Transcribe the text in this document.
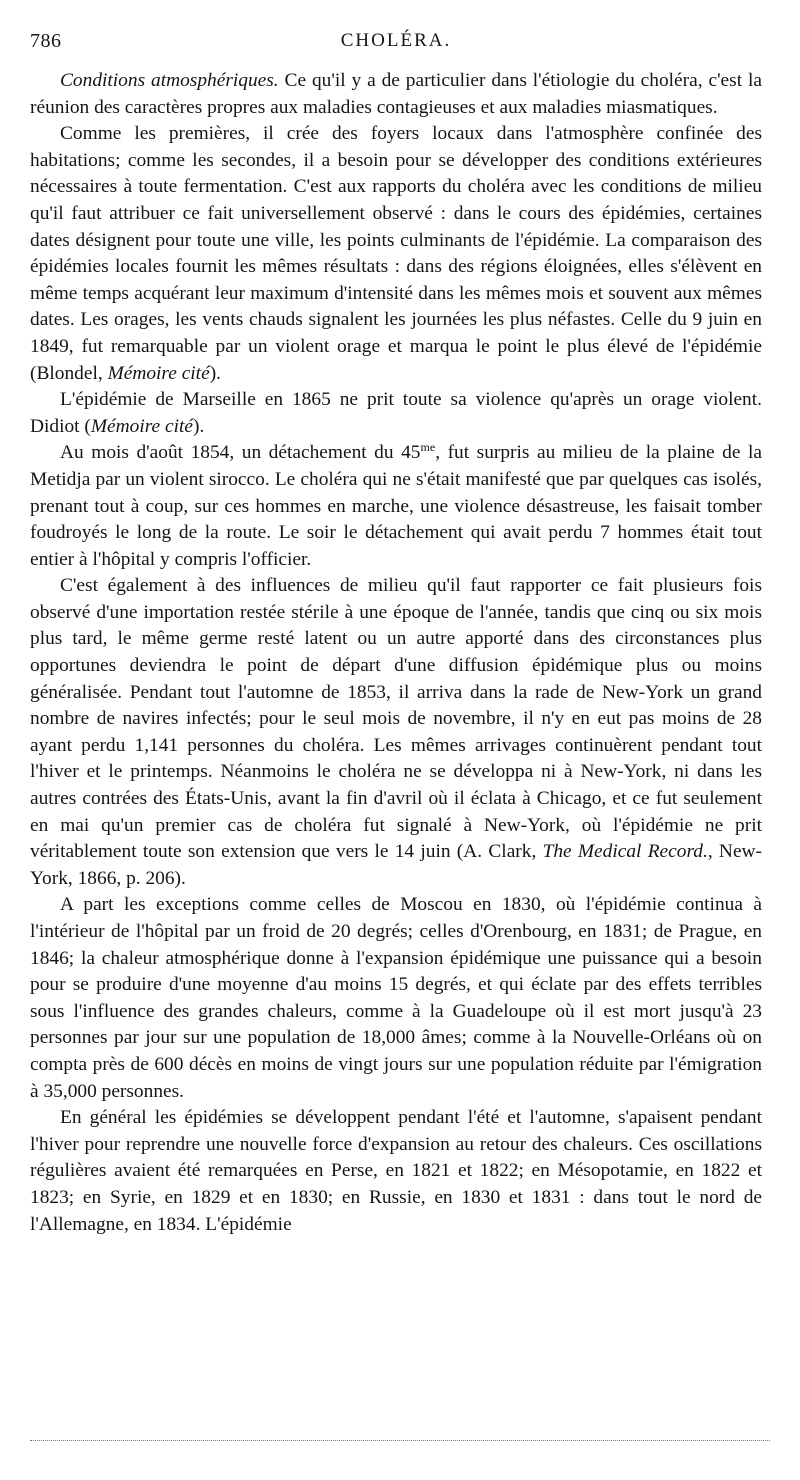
786	CHOLÉRA.

Conditions atmosphériques. Ce qu'il y a de particulier dans l'étiologie du choléra, c'est la réunion des caractères propres aux maladies contagieuses et aux maladies miasmatiques.

Comme les premières, il crée des foyers locaux dans l'atmosphère confinée des habitations; comme les secondes, il a besoin pour se développer des conditions extérieures nécessaires à toute fermentation. C'est aux rapports du choléra avec les conditions de milieu qu'il faut attribuer ce fait universellement observé : dans le cours des épidémies, certaines dates désignent pour toute une ville, les points culminants de l'épidémie. La comparaison des épidémies locales fournit les mêmes résultats : dans des régions éloignées, elles s'élèvent en même temps acquérant leur maximum d'intensité dans les mêmes mois et souvent aux mêmes dates. Les orages, les vents chauds signalent les journées les plus néfastes. Celle du 9 juin en 1849, fut remarquable par un violent orage et marqua le point le plus élevé de l'épidémie (Blondel, Mémoire cité).

L'épidémie de Marseille en 1865 ne prit toute sa violence qu'après un orage violent. Didiot (Mémoire cité).

Au mois d'août 1854, un détachement du $45^{me}$, fut surpris au milieu de la plaine de la Metidja par un violent sirocco. Le choléra qui ne s'était manifesté que par quelques cas isolés, prenant tout à coup, sur ces hommes en marche, une violence désastreuse, les faisait tomber foudroyés le long de la route. Le soir le détachement qui avait perdu 7 hommes était tout entier à l'hôpital y compris l'officier.

C'est également à des influences de milieu qu'il faut rapporter ce fait plusieurs fois observé d'une importation restée stérile à une époque de l'année, tandis que cinq ou six mois plus tard, le même germe resté latent ou un autre apporté dans des circonstances plus opportunes deviendra le point de départ d'une diffusion épidémique plus ou moins généralisée. Pendant tout l'automne de 1853, il arriva dans la rade de New-York un grand nombre de navires infectés; pour le seul mois de novembre, il n'y en eut pas moins de 28 ayant perdu 1,141 personnes du choléra. Les mêmes arrivages continuèrent pendant tout l'hiver et le printemps. Néanmoins le choléra ne se développa ni à New-York, ni dans les autres contrées des États-Unis, avant la fin d'avril où il éclata à Chicago, et ce fut seulement en mai qu'un premier cas de choléra fut signalé à New-York, où l'épidémie ne prit véritablement toute son extension que vers le 14 juin (A. Clark, The Medical Record., New-York, 1866, p. 206).

A part les exceptions comme celles de Moscou en 1830, où l'épidémie continua à l'intérieur de l'hôpital par un froid de 20 degrés; celles d'Orenbourg, en 1831; de Prague, en 1846; la chaleur atmosphérique donne à l'expansion épidémique une puissance qui a besoin pour se produire d'une moyenne d'au moins 15 degrés, et qui éclate par des effets terribles sous l'influence des grandes chaleurs, comme à la Guadeloupe où il est mort jusqu'à 23 personnes par jour sur une population de 18,000 âmes; comme à la Nouvelle-Orléans où on compta près de 600 décès en moins de vingt jours sur une population réduite par l'émigration à 35,000 personnes.

En général les épidémies se développent pendant l'été et l'automne, s'apaisent pendant l'hiver pour reprendre une nouvelle force d'expansion au retour des chaleurs. Ces oscillations régulières avaient été remarquées en Perse, en 1821 et 1822; en Mésopotamie, en 1822 et 1823; en Syrie, en 1829 et en 1830; en Russie, en 1830 et 1831 : dans tout le nord de l'Allemagne, en 1834. L'épidémie
